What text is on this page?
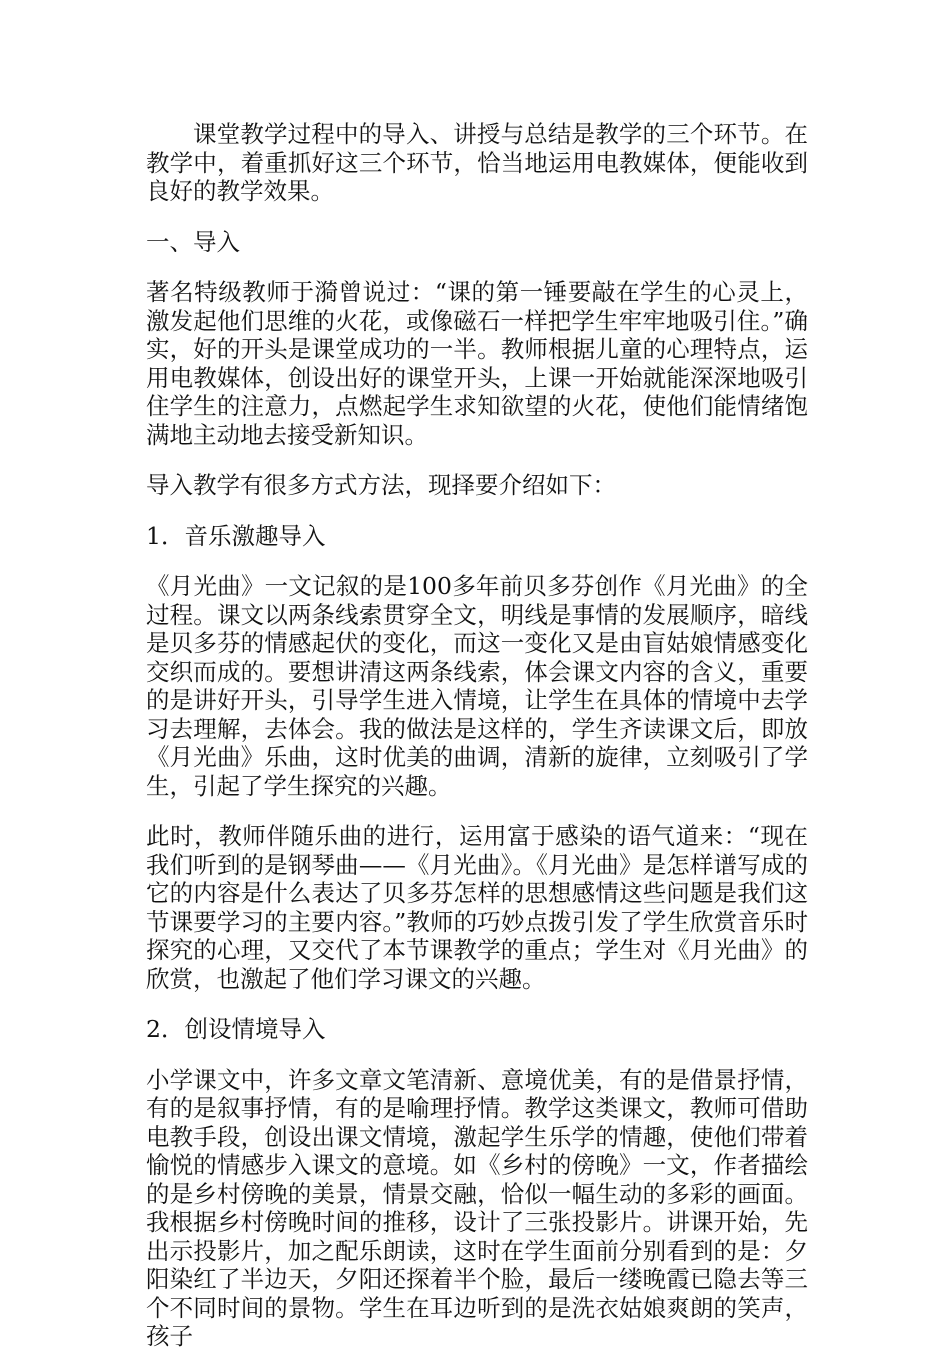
课堂教学过程中的导入、讲授与总结是教学的三个环节。在教学中，着重抓好这三个环节，恰当地运用电教媒体，便能收到良好的教学效果。

一、导入

著名特级教师于漪曾说过：“课的第一锤要敲在学生的心灵上，激发起他们思维的火花，或像磁石一样把学生牢牢地吸引住。”确实，好的开头是课堂成功的一半。教师根据儿童的心理特点，运用电教媒体，创设出好的课堂开头，上课一开始就能深深地吸引住学生的注意力，点燃起学生求知欲望的火花，使他们能情绪饱满地主动地去接受新知识。

导入教学有很多方式方法，现择要介绍如下：

1．音乐激趣导入

《月光曲》一文记叙的是100多年前贝多芬创作《月光曲》的全过程。课文以两条线索贯穿全文，明线是事情的发展顺序，暗线是贝多芬的情感起伏的变化，而这一变化又是由盲姑娘情感变化交织而成的。要想讲清这两条线索，体会课文内容的含义，重要的是讲好开头，引导学生进入情境，让学生在具体的情境中去学习去理解，去体会。我的做法是这样的，学生齐读课文后，即放《月光曲》乐曲，这时优美的曲调，清新的旋律，立刻吸引了学生，引起了学生探究的兴趣。

此时，教师伴随乐曲的进行，运用富于感染的语气道来：“现在我们听到的是钢琴曲——《月光曲》。《月光曲》是怎样谱写成的它的内容是什么表达了贝多芬怎样的思想感情这些问题是我们这节课要学习的主要内容。”教师的巧妙点拨引发了学生欣赏音乐时探究的心理，又交代了本节课教学的重点；学生对《月光曲》的欣赏，也激起了他们学习课文的兴趣。

2．创设情境导入

小学课文中，许多文章文笔清新、意境优美，有的是借景抒情，有的是叙事抒情，有的是喻理抒情。教学这类课文，教师可借助电教手段，创设出课文情境，激起学生乐学的情趣，使他们带着愉悦的情感步入课文的意境。如《乡村的傍晚》一文，作者描绘的是乡村傍晚的美景，情景交融，恰似一幅生动的多彩的画面。我根据乡村傍晚时间的推移，设计了三张投影片。讲课开始，先出示投影片，加之配乐朗读，这时在学生面前分别看到的是：夕阳染红了半边天，夕阳还探着半个脸，最后一缕晚霞已隐去等三个不同时间的景物。学生在耳边听到的是洗衣姑娘爽朗的笑声，孩子
